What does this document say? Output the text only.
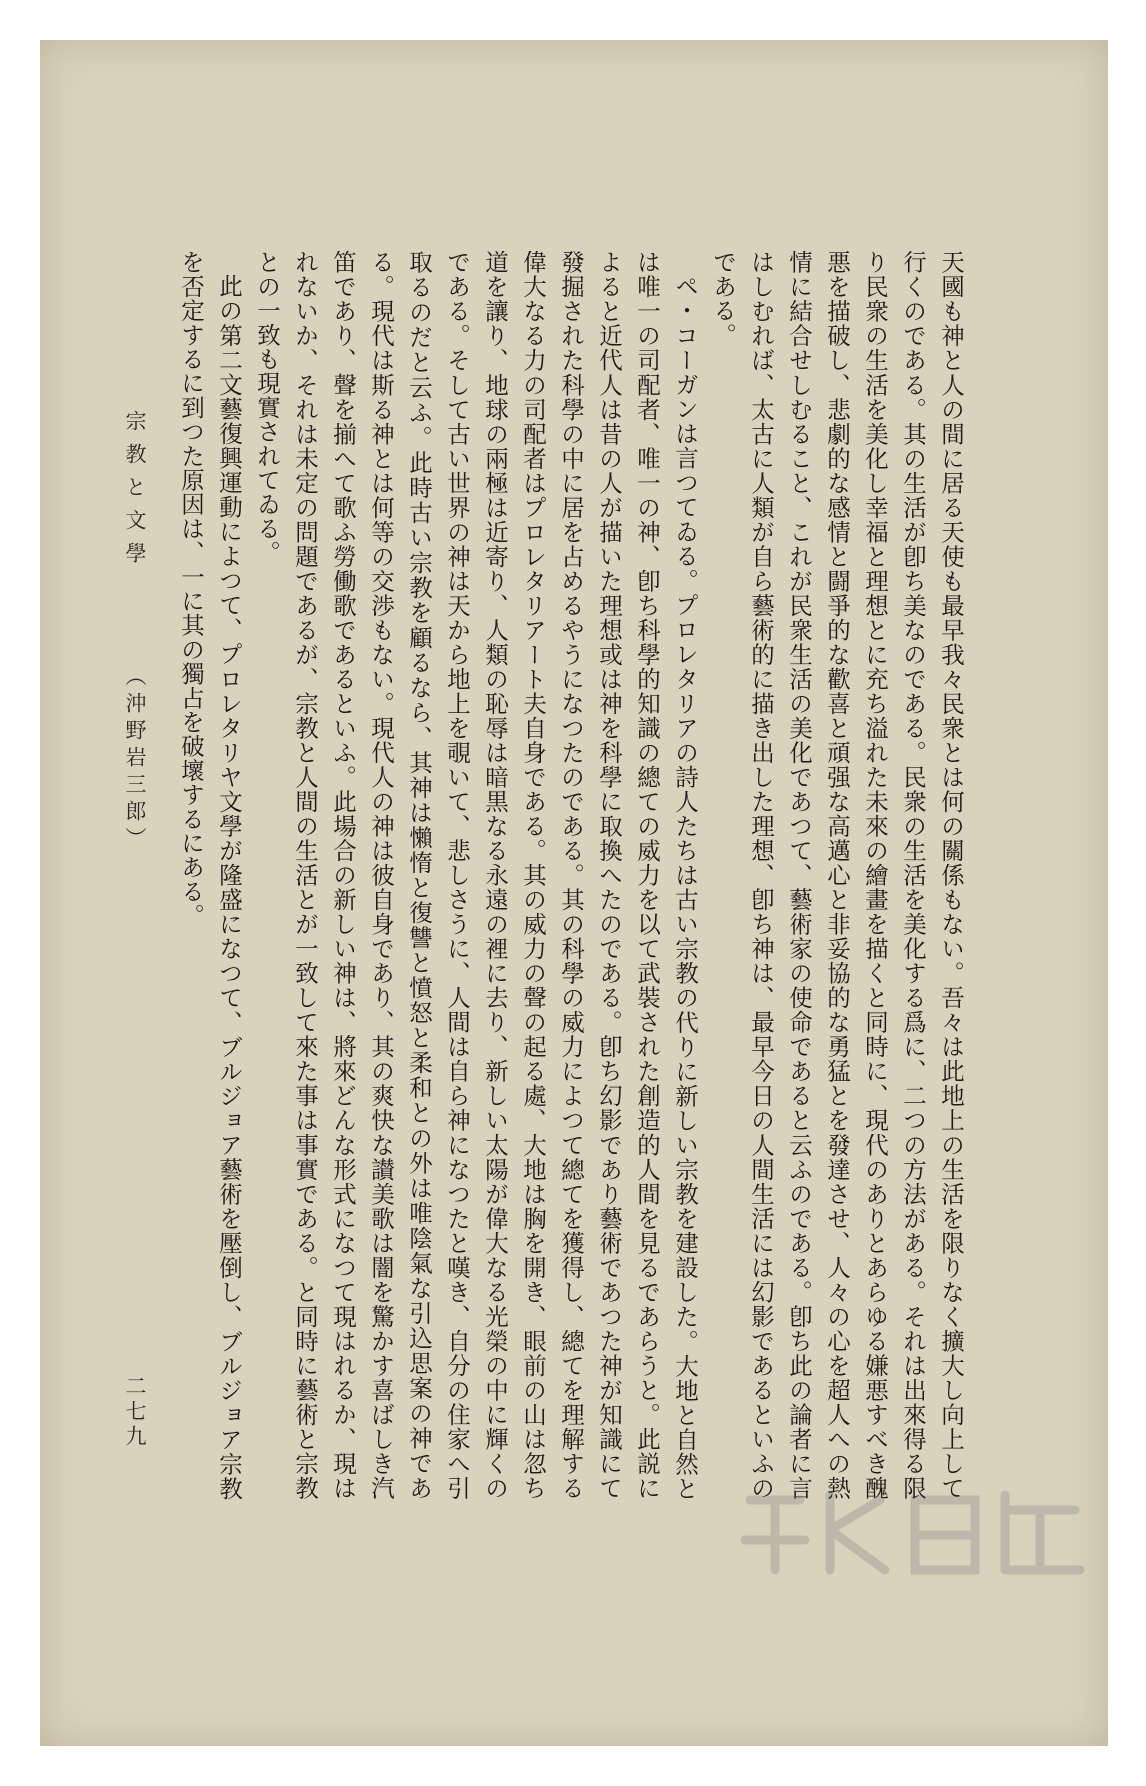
天國も神と人の間に居る天使も最早我々民衆とは何の關係もない。吾々は此地上の生活を限りなく擴大し向上して行くのである。其の生活が卽ち美なのである。民衆の生活を美化する爲に、二つの方法がある。それは出來得る限り民衆の生活を美化し幸福と理想とに充ち溢れた未來の繪畫を描くと同時に、現代のありとあらゆる嫌悪すべき醜悪を描破し、悲劇的な感情と闘爭的な歡喜と頑强な高邁心と非妥協的な勇猛とを發達させ、人々の心を超人への熱情に結合せしむること、これが民衆生活の美化であつて、藝術家の使命であると云ふのである。卽ち此の論者に言はしむれば、太古に人類が自ら藝術的に描き出した理想、卽ち神は、最早今日の人間生活には幻影であるといふのである。

ペ・コーガンは言つてゐる。プロレタリアの詩人たちは古い宗教の代りに新しい宗教を建設した。大地と自然とは唯一の司配者、唯一の神、卽ち科學的知識の總ての威力を以て武裝された創造的人間を見るであらうと。此説によると近代人は昔の人が描いた理想或は神を科學に取換へたのである。卽ち幻影であり藝術であつた神が知識にて發掘された科學の中に居を占めるやうになつたのである。其の科學の威力によつて總てを獲得し、總てを理解する偉大なる力の司配者はプロレタリアート夫自身である。其の威力の聲の起る處、大地は胸を開き、眼前の山は忽ち道を讓り、地球の兩極は近寄り、人類の恥辱は暗黒なる永遠の裡に去り、新しい太陽が偉大なる光榮の中に輝くのである。そして古い世界の神は天から地上を覗いて、悲しさうに、人間は自ら神になつたと嘆き、自分の住家へ引取るのだと云ふ。此時古い宗教を顧るなら、其神は懶惰と復讐と憤怒と柔和との外は唯陰氣な引込思案の神である。現代は斯る神とは何等の交渉もない。現代人の神は彼自身であり、其の爽快な讃美歌は闇を驚かす喜ばしき汽笛であり、聲を揃へて歌ふ勞働歌であるといふ。此場合の新しい神は、將來どんな形式になつて現はれるか、現はれないか、それは未定の問題であるが、宗教と人間の生活とが一致して來た事は事實である。と同時に藝術と宗教との一致も現實されてゐる。

此の第二文藝復興運動によつて、プロレタリヤ文學が隆盛になつて、ブルジョア藝術を壓倒し、ブルジョア宗教を否定するに到つた原因は、一に其の獨占を破壞するにある。

宗教と文學
（沖野岩三郎）
二七九
